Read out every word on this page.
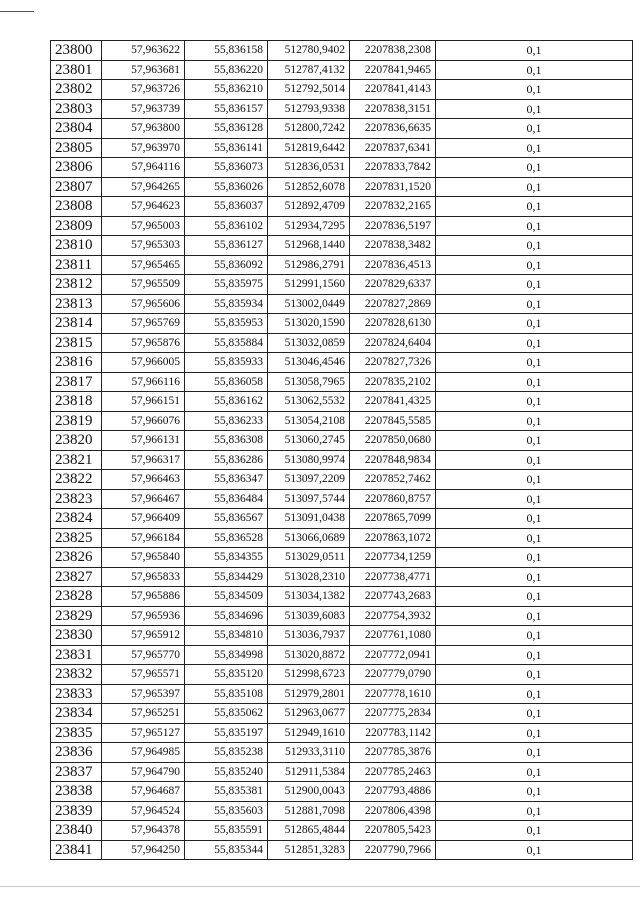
23800	57,963622	55,836158	512780,9402	2207838,2308	0,1
23801	57,963681	55,836220	512787,4132	2207841,9465	0,1
23802	57,963726	55,836210	512792,5014	2207841,4143	0,1
23803	57,963739	55,836157	512793,9338	2207838,3151	0,1
23804	57,963800	55,836128	512800,7242	2207836,6635	0,1
23805	57,963970	55,836141	512819,6442	2207837,6341	0,1
23806	57,964116	55,836073	512836,0531	2207833,7842	0,1
23807	57,964265	55,836026	512852,6078	2207831,1520	0,1
23808	57,964623	55,836037	512892,4709	2207832,2165	0,1
23809	57,965003	55,836102	512934,7295	2207836,5197	0,1
23810	57,965303	55,836127	512968,1440	2207838,3482	0,1
23811	57,965465	55,836092	512986,2791	2207836,4513	0,1
23812	57,965509	55,835975	512991,1560	2207829,6337	0,1
23813	57,965606	55,835934	513002,0449	2207827,2869	0,1
23814	57,965769	55,835953	513020,1590	2207828,6130	0,1
23815	57,965876	55,835884	513032,0859	2207824,6404	0,1
23816	57,966005	55,835933	513046,4546	2207827,7326	0,1
23817	57,966116	55,836058	513058,7965	2207835,2102	0,1
23818	57,966151	55,836162	513062,5532	2207841,4325	0,1
23819	57,966076	55,836233	513054,2108	2207845,5585	0,1
23820	57,966131	55,836308	513060,2745	2207850,0680	0,1
23821	57,966317	55,836286	513080,9974	2207848,9834	0,1
23822	57,966463	55,836347	513097,2209	2207852,7462	0,1
23823	57,966467	55,836484	513097,5744	2207860,8757	0,1
23824	57,966409	55,836567	513091,0438	2207865,7099	0,1
23825	57,966184	55,836528	513066,0689	2207863,1072	0,1
23826	57,965840	55,834355	513029,0511	2207734,1259	0,1
23827	57,965833	55,834429	513028,2310	2207738,4771	0,1
23828	57,965886	55,834509	513034,1382	2207743,2683	0,1
23829	57,965936	55,834696	513039,6083	2207754,3932	0,1
23830	57,965912	55,834810	513036,7937	2207761,1080	0,1
23831	57,965770	55,834998	513020,8872	2207772,0941	0,1
23832	57,965571	55,835120	512998,6723	2207779,0790	0,1
23833	57,965397	55,835108	512979,2801	2207778,1610	0,1
23834	57,965251	55,835062	512963,0677	2207775,2834	0,1
23835	57,965127	55,835197	512949,1610	2207783,1142	0,1
23836	57,964985	55,835238	512933,3110	2207785,3876	0,1
23837	57,964790	55,835240	512911,5384	2207785,2463	0,1
23838	57,964687	55,835381	512900,0043	2207793,4886	0,1
23839	57,964524	55,835603	512881,7098	2207806,4398	0,1
23840	57,964378	55,835591	512865,4844	2207805,5423	0,1
23841	57,964250	55,835344	512851,3283	2207790,7966	0,1
